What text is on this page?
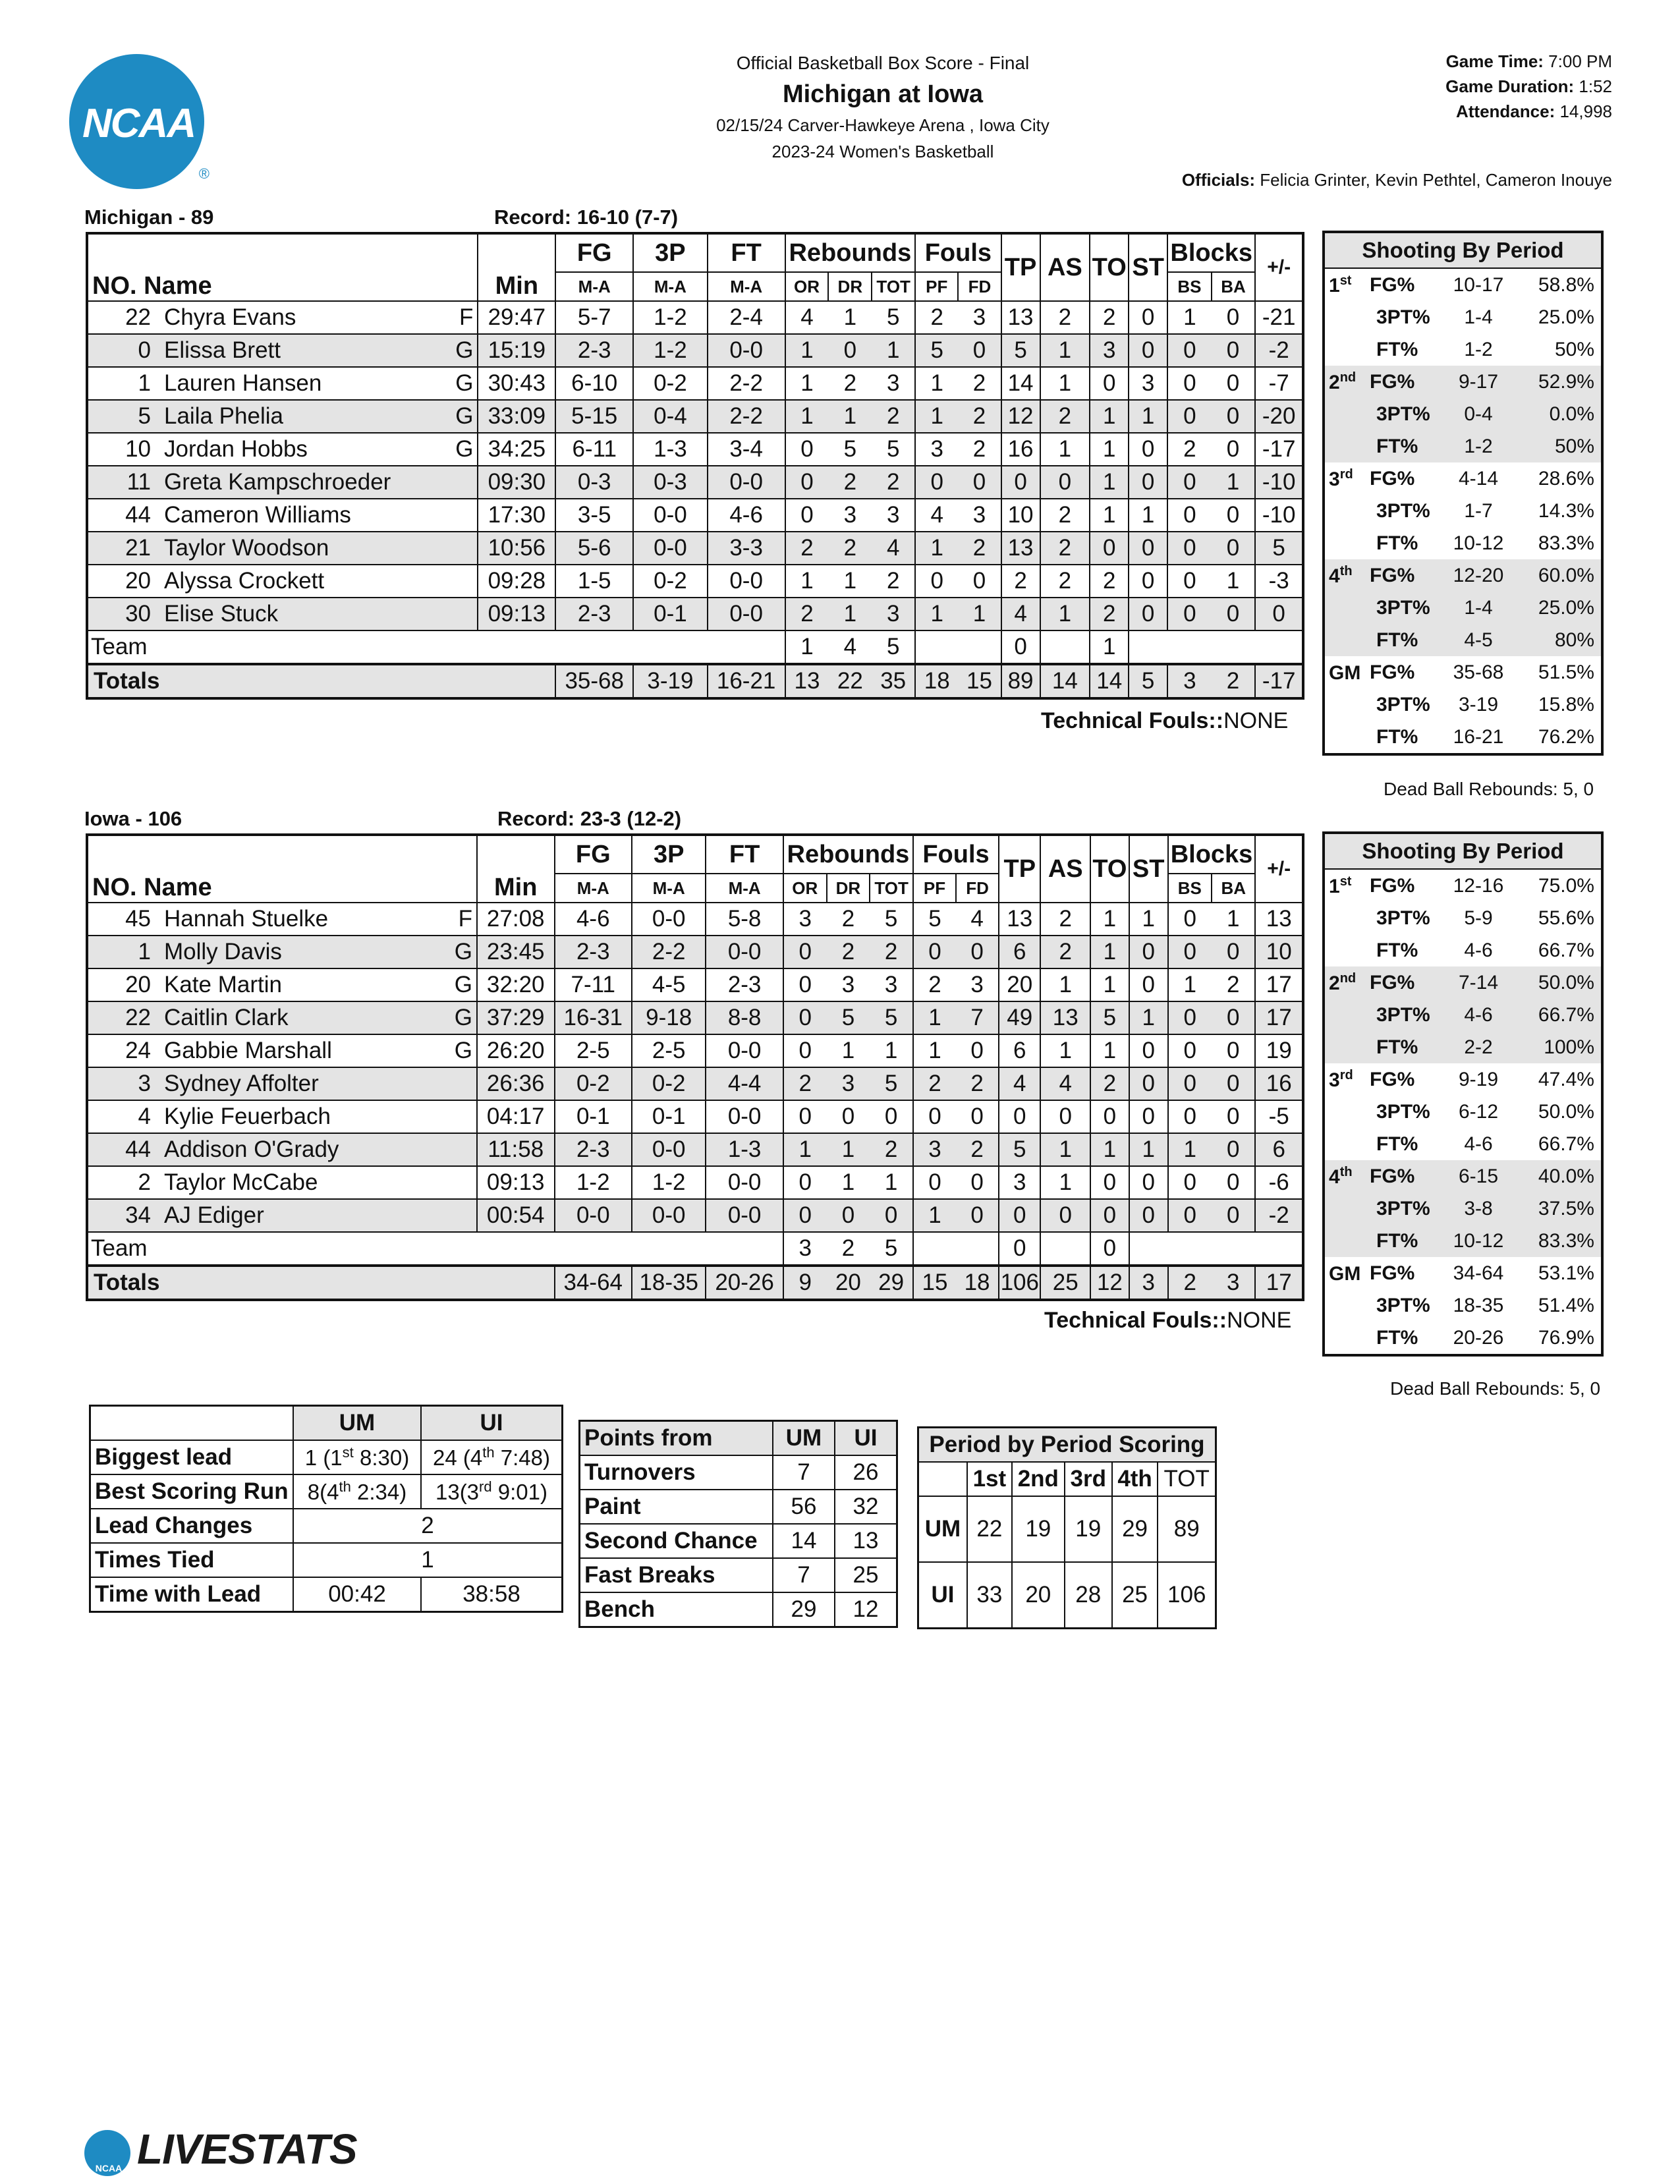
NCAA
®
Official Basketball Box Score - Final
Michigan at Iowa
02/15/24 Carver-Hawkeye Arena , Iowa City
2023-24 Women's Basketball
Game Time: 7:00 PM
Game Duration: 1:52
Attendance: 14,998
Officials: Felicia Grinter, Kevin Pethtel, Cameron Inouye
Michigan - 89	Record: 16-10 (7-7)
NO. Name	Min	FG	3P	FT	Rebounds			Fouls		TP	AS	TO	ST	Blocks		+/-
		M-A	M-A	M-A	OR	DR	TOT	PF	FD					BS	BA	
22 Chyra Evans F	29:47	5-7	1-2	2-4	4	1	5	2	3	13	2	2	0	1	0	-21
0 Elissa Brett G	15:19	2-3	1-2	0-0	1	0	1	5	0	5	1	3	0	0	0	-2
1 Lauren Hansen G	30:43	6-10	0-2	2-2	1	2	3	1	2	14	1	0	3	0	0	-7
5 Laila Phelia G	33:09	5-15	0-4	2-2	1	1	2	1	2	12	2	1	1	0	0	-20
10 Jordan Hobbs G	34:25	6-11	1-3	3-4	0	5	5	3	2	16	1	1	0	2	0	-17
11 Greta Kampschroeder	09:30	0-3	0-3	0-0	0	2	2	0	0	0	0	1	0	0	1	-10
44 Cameron Williams	17:30	3-5	0-0	4-6	0	3	3	4	3	10	2	1	1	0	0	-10
21 Taylor Woodson	10:56	5-6	0-0	3-3	2	2	4	1	2	13	2	0	0	0	0	5
20 Alyssa Crockett	09:28	1-5	0-2	0-0	1	1	2	0	0	2	2	2	0	0	1	-3
30 Elise Stuck	09:13	2-3	0-1	0-0	2	1	3	1	1	4	1	2	0	0	0	0
Team					1	4	5			0		1				
Totals		35-68	3-19	16-21	13	22	35	18	15	89	14	14	5	3	2	-17
Shooting By Period			
1st	FG%	10-17	58.8%
	3PT%	1-4	25.0%
	FT%	1-2	50%
2nd	FG%	9-17	52.9%
	3PT%	0-4	0.0%
	FT%	1-2	50%
3rd	FG%	4-14	28.6%
	3PT%	1-7	14.3%
	FT%	10-12	83.3%
4th	FG%	12-20	60.0%
	3PT%	1-4	25.0%
	FT%	4-5	80%
GM	FG%	35-68	51.5%
	3PT%	3-19	15.8%
	FT%	16-21	76.2%
Technical Fouls::NONE
Dead Ball Rebounds: 5, 0
Iowa - 106	Record: 23-3 (12-2)
NO. Name	Min	FG	3P	FT	Rebounds			Fouls		TP	AS	TO	ST	Blocks		+/-
		M-A	M-A	M-A	OR	DR	TOT	PF	FD					BS	BA	
45 Hannah Stuelke F	27:08	4-6	0-0	5-8	3	2	5	5	4	13	2	1	1	0	1	13
1 Molly Davis G	23:45	2-3	2-2	0-0	0	2	2	0	0	6	2	1	0	0	0	10
20 Kate Martin G	32:20	7-11	4-5	2-3	0	3	3	2	3	20	1	1	0	1	2	17
22 Caitlin Clark G	37:29	16-31	9-18	8-8	0	5	5	1	7	49	13	5	1	0	0	17
24 Gabbie Marshall G	26:20	2-5	2-5	0-0	0	1	1	1	0	6	1	1	0	0	0	19
3 Sydney Affolter	26:36	0-2	0-2	4-4	2	3	5	2	2	4	4	2	0	0	0	16
4 Kylie Feuerbach	04:17	0-1	0-1	0-0	0	0	0	0	0	0	0	0	0	0	0	-5
44 Addison O'Grady	11:58	2-3	0-0	1-3	1	1	2	3	2	5	1	1	1	1	0	6
2 Taylor McCabe	09:13	1-2	1-2	0-0	0	1	1	0	0	3	1	0	0	0	0	-6
34 AJ Ediger	00:54	0-0	0-0	0-0	0	0	0	1	0	0	0	0	0	0	0	-2
Team					3	2	5			0		0				
Totals		34-64	18-35	20-26	9	20	29	15	18	106	25	12	3	2	3	17
Shooting By Period			
1st	FG%	12-16	75.0%
	3PT%	5-9	55.6%
	FT%	4-6	66.7%
2nd	FG%	7-14	50.0%
	3PT%	4-6	66.7%
	FT%	2-2	100%
3rd	FG%	9-19	47.4%
	3PT%	6-12	50.0%
	FT%	4-6	66.7%
4th	FG%	6-15	40.0%
	3PT%	3-8	37.5%
	FT%	10-12	83.3%
GM	FG%	34-64	53.1%
	3PT%	18-35	51.4%
	FT%	20-26	76.9%
Technical Fouls::NONE
Dead Ball Rebounds: 5, 0
	UM	UI
Biggest lead	1 (1st 8:30)	24 (4th 7:48)
Best Scoring Run	8(4th 2:34)	13(3rd 9:01)
Lead Changes	2	
Times Tied	1	
Time with Lead	00:42	38:58
Points from	UM	UI
Turnovers	7	26
Paint	56	32
Second Chance	14	13
Fast Breaks	7	25
Bench	29	12
Period by Period Scoring					
	1st	2nd	3rd	4th	TOT
UM	22	19	19	29	89
UI	33	20	28	25	106
NCAA LIVESTATS
